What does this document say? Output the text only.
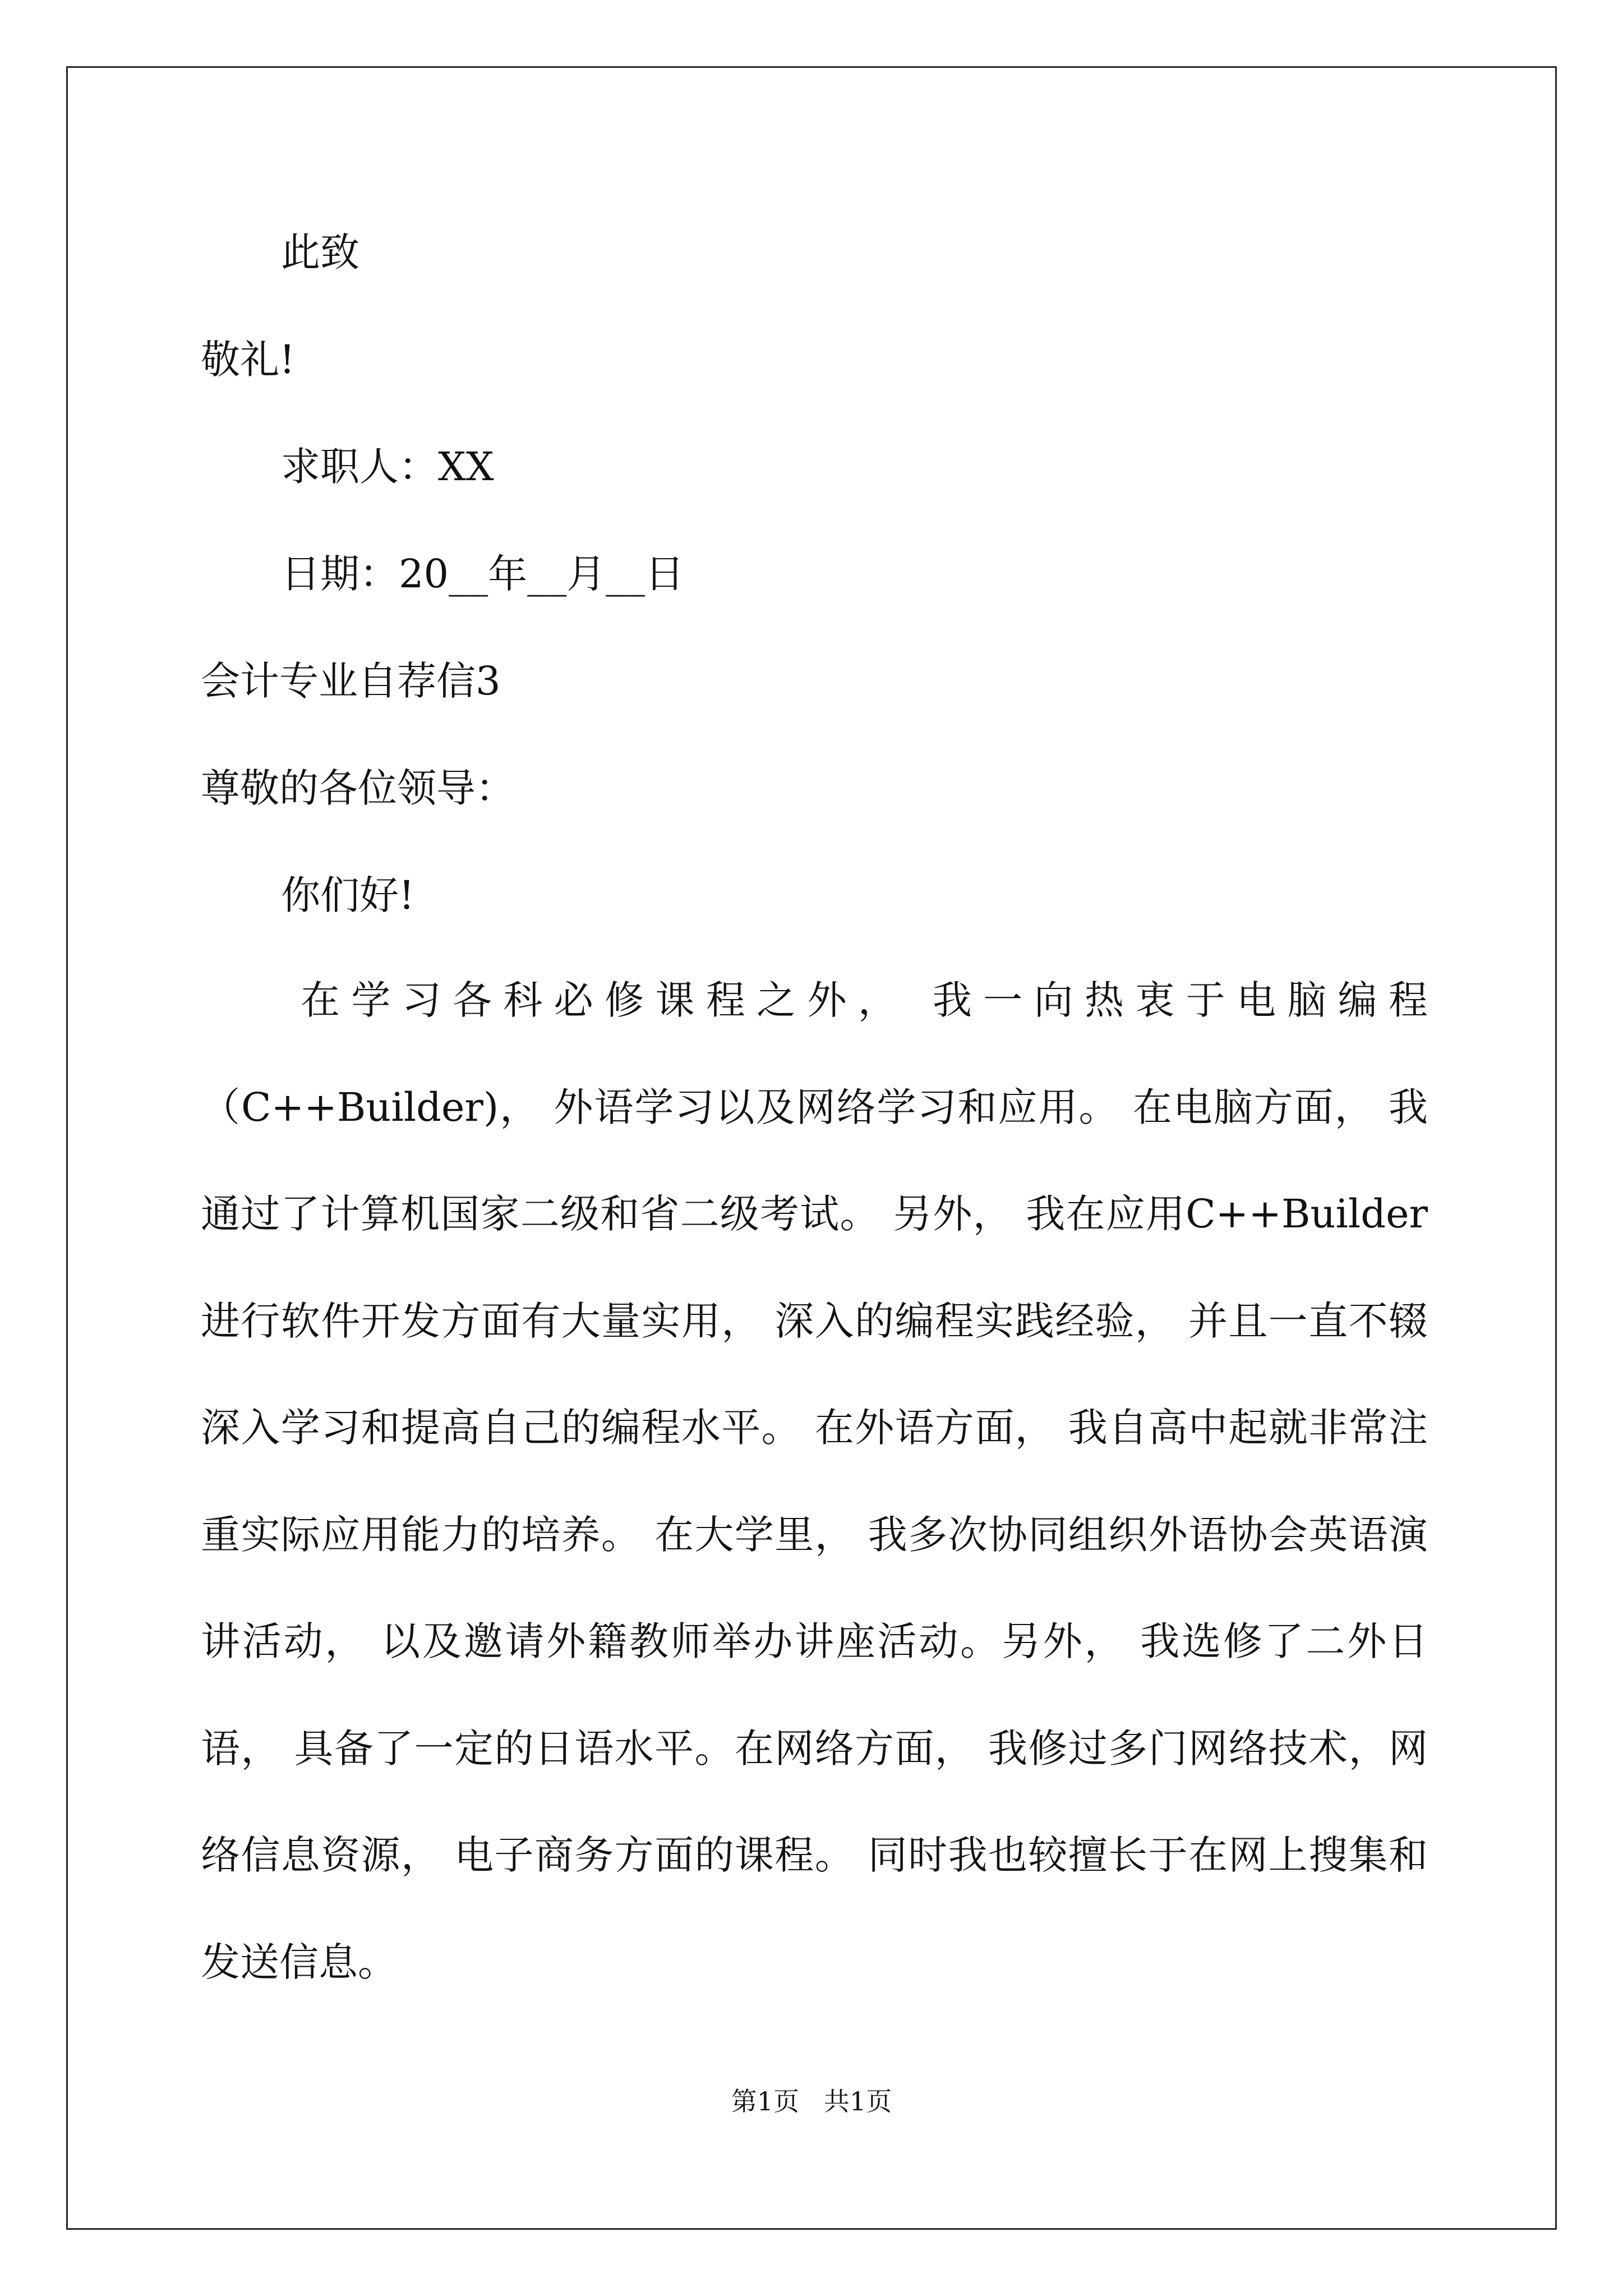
此致
敬礼!
求职人：XX
日期：20__年__月__日
会计专业自荐信3
尊敬的各位领导：
你们好!

在学习各科必修课程之外， 我一向热衷于电脑编程（C++Builder)， 外语学习以及网络学习和应用。 在电脑方面， 我通过了计算机国家二级和省二级考试。 另外， 我在应用C++Builder进行软件开发方面有大量实用， 深入的编程实践经验， 并且一直不辍深入学习和提高自己的编程水平。 在外语方面， 我自高中起就非常注重实际应用能力的培养。 在大学里， 我多次协同组织外语协会英语演讲活动， 以及邀请外籍教师举办讲座活动。另外， 我选修了二外日语， 具备了一定的日语水平。在网络方面， 我修过多门网络技术，网络信息资源， 电子商务方面的课程。 同时我也较擅长于在网上搜集和发送信息。

第1页   共1页
